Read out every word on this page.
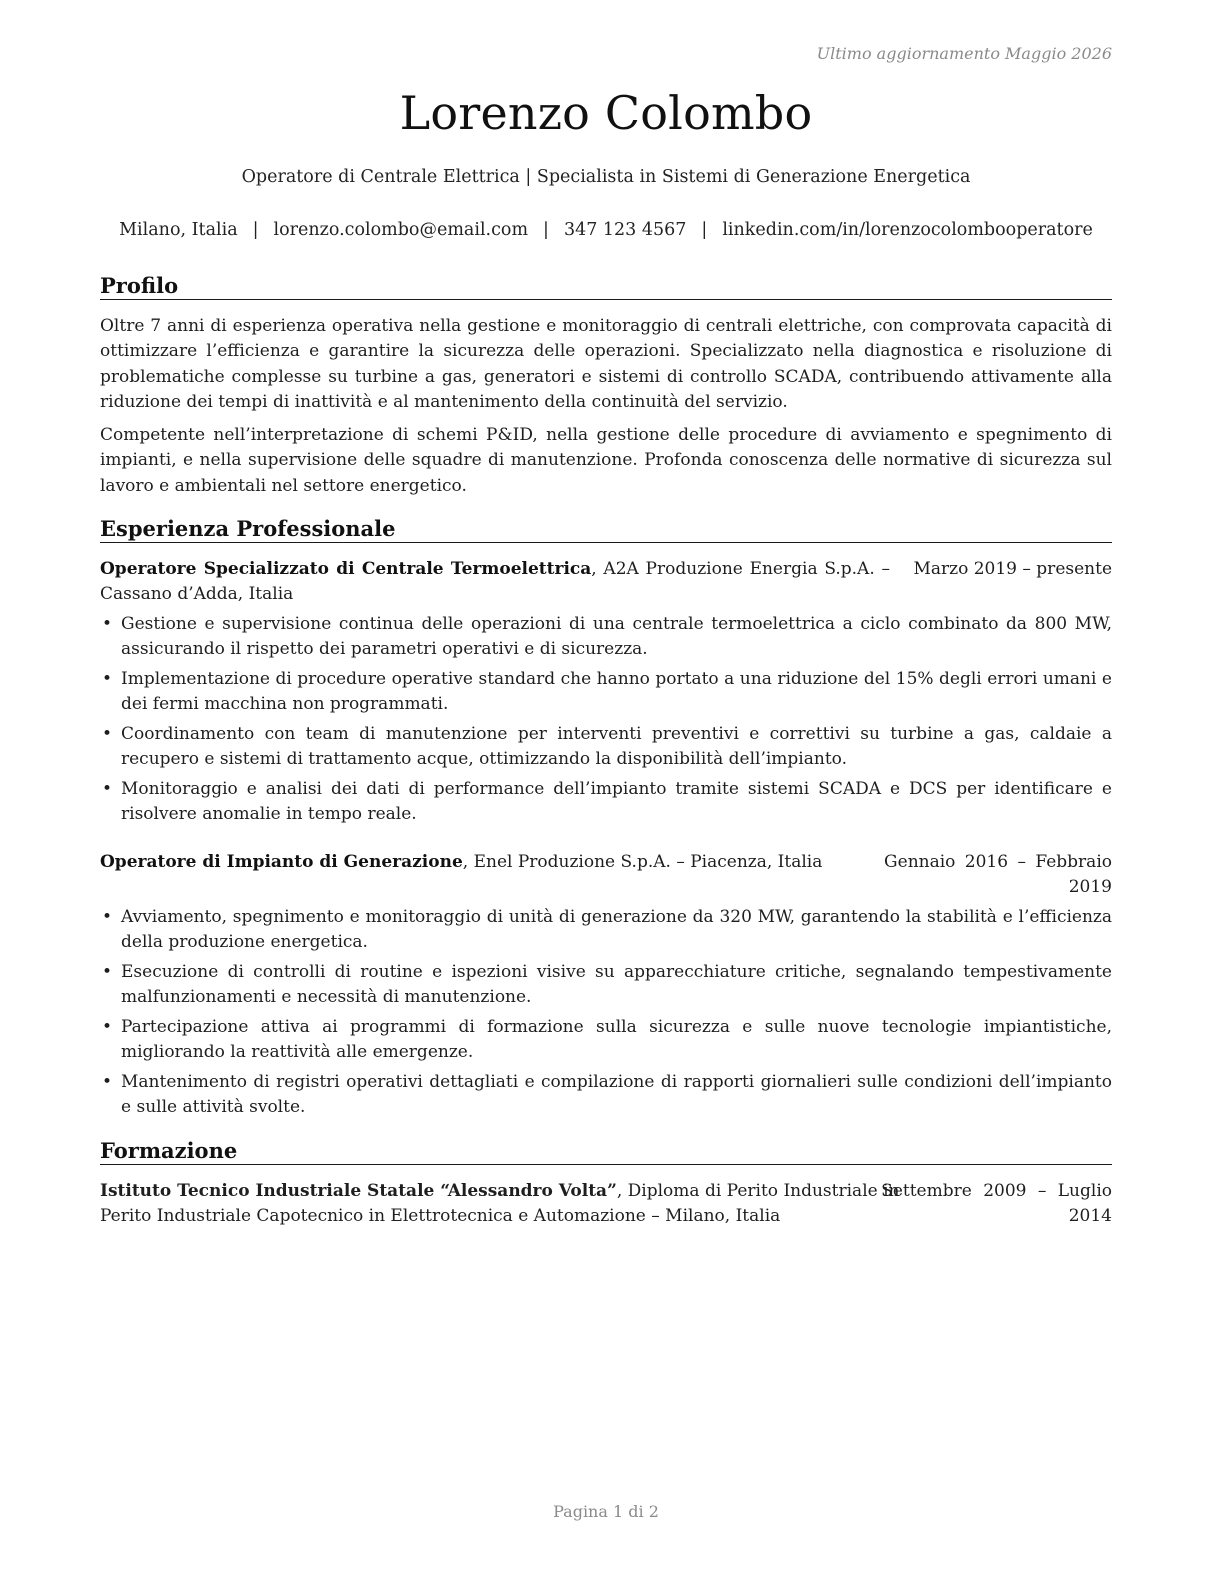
Ultimo aggiornamento Maggio 2026
Lorenzo Colombo
Operatore di Centrale Elettrica | Specialista in Sistemi di Generazione Energetica
Milano, Italia | lorenzo.colombo@email.com | 347 123 4567 | linkedin.com/in/lorenzocolombooperatore
Profilo
Oltre 7 anni di esperienza operativa nella gestione e monitoraggio di centrali elettriche, con comprovata capacità di ottimizzare l’efficienza e garantire la sicurezza delle operazioni. Specializzato nella diagnostica e risoluzione di problematiche complesse su turbine a gas, generatori e sistemi di controllo SCADA, contribuendo attivamente alla riduzione dei tempi di inattività e al mantenimento della continuità del servizio.
Competente nell’interpretazione di schemi P&ID, nella gestione delle procedure di avviamento e spegnimento di impianti, e nella supervisione delle squadre di manutenzione. Profonda conoscenza delle normative di sicurezza sul lavoro e ambientali nel settore energetico.
Esperienza Professionale
Operatore Specializzato di Centrale Termoelettrica, A2A Produzione Energia S.p.A. – Cassano d’Adda, Italia
Marzo 2019 – presente
• Gestione e supervisione continua delle operazioni di una centrale termoelettrica a ciclo combinato da 800 MW, assicurando il rispetto dei parametri operativi e di sicurezza.
• Implementazione di procedure operative standard che hanno portato a una riduzione del 15% degli errori umani e dei fermi macchina non programmati.
• Coordinamento con team di manutenzione per interventi preventivi e correttivi su turbine a gas, caldaie a recupero e sistemi di trattamento acque, ottimizzando la disponibilità dell’impianto.
• Monitoraggio e analisi dei dati di performance dell’impianto tramite sistemi SCADA e DCS per identificare e risolvere anomalie in tempo reale.
Operatore di Impianto di Generazione, Enel Produzione S.p.A. – Piacenza, Italia	Gennaio 2016 – Febbraio
2019
• Avviamento, spegnimento e monitoraggio di unità di generazione da 320 MW, garantendo la stabilità e l’efficienza della produzione energetica.
• Esecuzione di controlli di routine e ispezioni visive su apparecchiature critiche, segnalando tempestivamente malfunzionamenti e necessità di manutenzione.
• Partecipazione attiva ai programmi di formazione sulla sicurezza e sulle nuove tecnologie impiantistiche, migliorando la reattività alle emergenze.
• Mantenimento di registri operativi dettagliati e compilazione di rapporti giornalieri sulle condizioni dell’impianto e sulle attività svolte.
Formazione
Istituto Tecnico Industriale Statale “Alessandro Volta”, Diploma di Perito Industriale in
Perito Industriale Capotecnico in Elettrotecnica e Automazione – Milano, Italia
Settembre 2009 – Luglio
2014
Pagina 1 di 2
